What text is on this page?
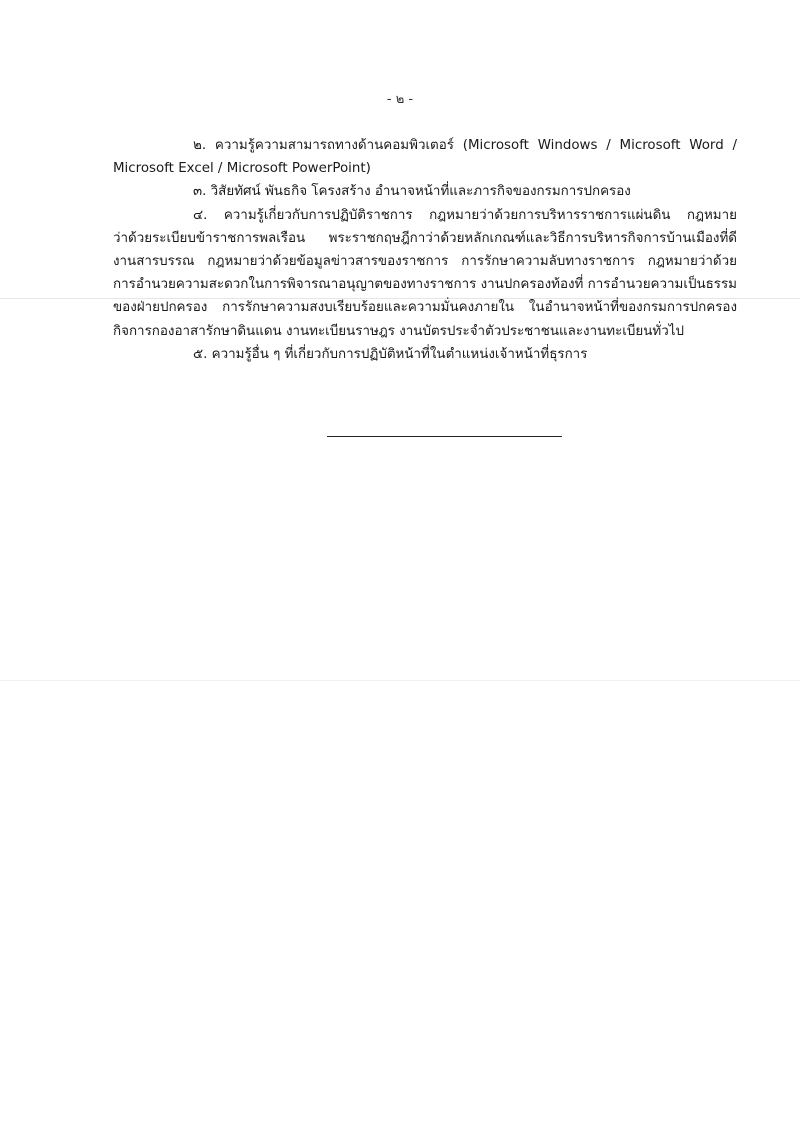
- ๒ -
๒. ความรู้ความสามารถทางด้านคอมพิวเตอร์ (Microsoft Windows / Microsoft Word /
Microsoft Excel / Microsoft PowerPoint)
๓. วิสัยทัศน์ พันธกิจ โครงสร้าง อำนาจหน้าที่และภารกิจของกรมการปกครอง
๔. ความรู้เกี่ยวกับการปฏิบัติราชการ กฎหมายว่าด้วยการบริหารราชการแผ่นดิน กฎหมาย
ว่าด้วยระเบียบข้าราชการพลเรือน พระราชกฤษฎีกาว่าด้วยหลักเกณฑ์และวิธีการบริหารกิจการบ้านเมืองที่ดี
งานสารบรรณ กฎหมายว่าด้วยข้อมูลข่าวสารของราชการ การรักษาความลับทางราชการ กฎหมายว่าด้วย
การอำนวยความสะดวกในการพิจารณาอนุญาตของทางราชการ งานปกครองท้องที่ การอำนวยความเป็นธรรม
ของฝ่ายปกครอง การรักษาความสงบเรียบร้อยและความมั่นคงภายใน ในอำนาจหน้าที่ของกรมการปกครอง
กิจการกองอาสารักษาดินแดน งานทะเบียนราษฎร งานบัตรประจำตัวประชาชนและงานทะเบียนทั่วไป
๕. ความรู้อื่น ๆ ที่เกี่ยวกับการปฏิบัติหน้าที่ในตำแหน่งเจ้าหน้าที่ธุรการ
